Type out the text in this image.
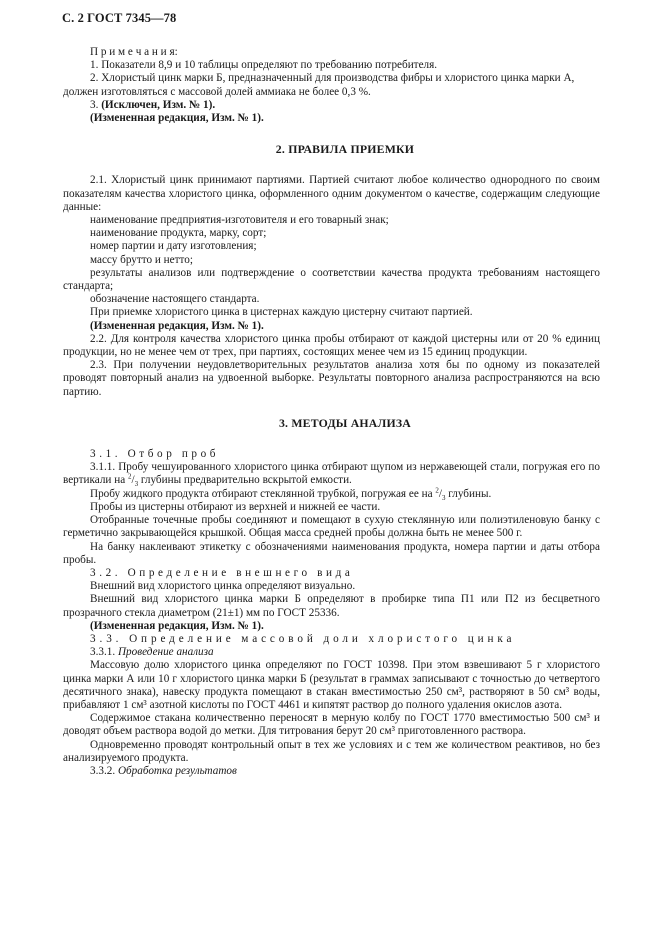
С. 2 ГОСТ 7345—78

П р и м е ч а н и я:

1. Показатели 8,9 и 10 таблицы определяют по требованию потребителя.

2. Хлористый цинк марки Б, предназначенный для производства фибры и хлористого цинка марки А,

должен изготовляться с массовой долей аммиака не более 0,3 %.

3. (Исключен, Изм. № 1).

(Измененная редакция, Изм. № 1).

2. ПРАВИЛА ПРИЕМКИ

2.1. Хлористый цинк принимают партиями. Партией считают любое количество однородного по своим показателям качества хлористого цинка, оформленного одним документом о качестве, содержащим следующие данные:

наименование предприятия-изготовителя и его товарный знак;

наименование продукта, марку, сорт;

номер партии и дату изготовления;

массу брутто и нетто;

результаты анализов или подтверждение о соответствии качества продукта требованиям настоящего стандарта;

обозначение настоящего стандарта.

При приемке хлористого цинка в цистернах каждую цистерну считают партией.

(Измененная редакция, Изм. № 1).

2.2. Для контроля качества хлористого цинка пробы отбирают от каждой цистерны или от 20 % единиц продукции, но не менее чем от трех, при партиях, состоящих менее чем из 15 единиц продукции.

2.3. При получении неудовлетворительных результатов анализа хотя бы по одному из показателей проводят повторный анализ на удвоенной выборке. Результаты повторного анализа распространяются на всю партию.

3. МЕТОДЫ АНАЛИЗА

3.1. Отбор проб

3.1.1. Пробу чешуированного хлористого цинка отбирают щупом из нержавеющей стали, погружая его по вертикали на $^2/_3$ глубины предварительно вскрытой емкости.

Пробу жидкого продукта отбирают стеклянной трубкой, погружая ее на $^2/_3$ глубины.

Пробы из цистерны отбирают из верхней и нижней ее части.

Отобранные точечные пробы соединяют и помещают в сухую стеклянную или полиэтиленовую банку с герметично закрывающейся крышкой. Общая масса средней пробы должна быть не менее 500 г.

На банку наклеивают этикетку с обозначениями наименования продукта, номера партии и даты отбора пробы.

3.2. Определение внешнего вида

Внешний вид хлористого цинка определяют визуально.

Внешний вид хлористого цинка марки Б определяют в пробирке типа П1 или П2 из бесцветного прозрачного стекла диаметром (21±1) мм по ГОСТ 25336.

(Измененная редакция, Изм. № 1).

3.3. Определение массовой доли хлористого цинка

3.3.1. Проведение анализа

Массовую долю хлористого цинка определяют по ГОСТ 10398. При этом взвешивают 5 г хлористого цинка марки А или 10 г хлористого цинка марки Б (результат в граммах записывают с точностью до четвертого десятичного знака), навеску продукта помещают в стакан вместимостью 250 см³, растворяют в 50 см³ воды, прибавляют 1 см³ азотной кислоты по ГОСТ 4461 и кипятят раствор до полного удаления окислов азота.

Содержимое стакана количественно переносят в мерную колбу по ГОСТ 1770 вместимостью 500 см³ и доводят объем раствора водой до метки. Для титрования берут 20 см³ приготовленного раствора.

Одновременно проводят контрольный опыт в тех же условиях и с тем же количеством реактивов, но без анализируемого продукта.

3.3.2. Обработка результатов
